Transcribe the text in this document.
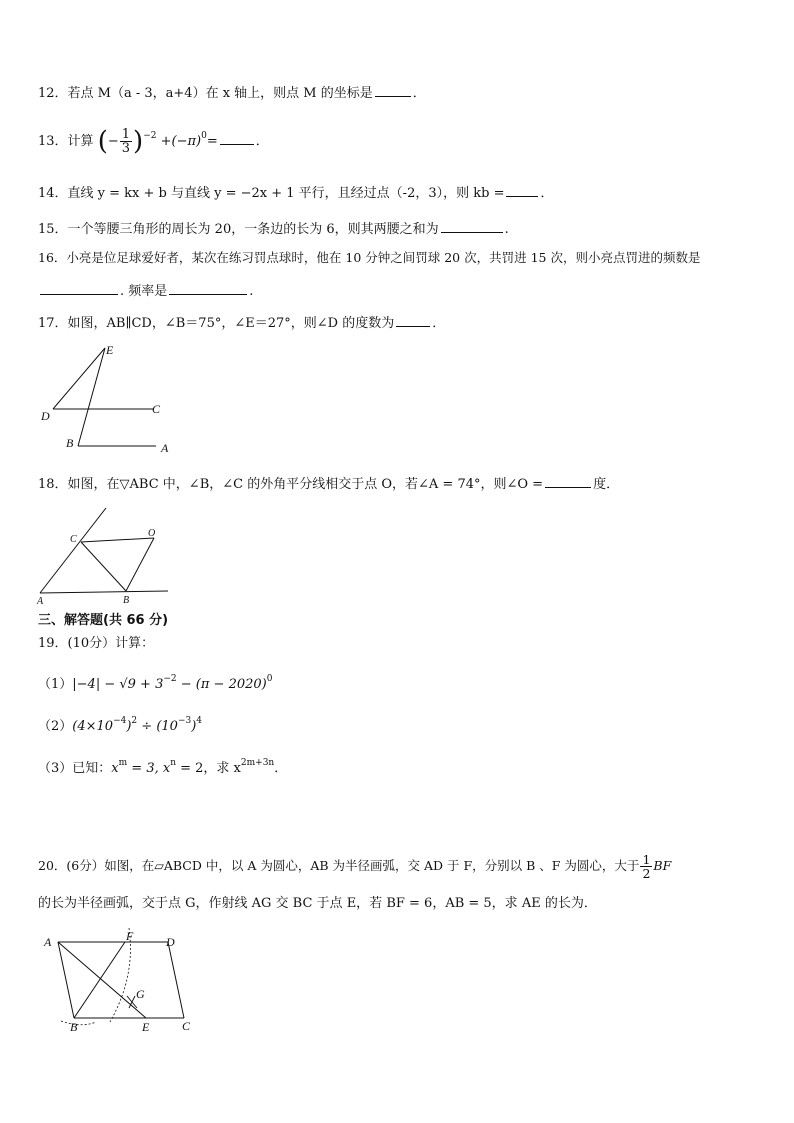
12．若点 M（a - 3，a+4）在 x 轴上，则点 M 的坐标是	．
13．计算 (− $\frac{1}{3} )^{-2} +(-\pi)^0=$	．
14．直线 y = kx + b 与直线 y = −2x + 1 平行，且经过点（-2，3），则 kb =	．
15．一个等腰三角形的周长为 20，一条边的长为 6，则其两腰之和为	.
16．小亮是位足球爱好者，某次在练习罚点球时，他在 10 分钟之间罚球 20 次，共罚进 15 次，则小亮点罚进的频数是
. 频率是	.
17．如图，AB∥CD，∠B＝75°，∠E＝27°，则∠D 的度数为	．
E
D	C
B	A
18．如图，在▽ABC 中，∠B，∠C 的外角平分线相交于点 O，若∠A = 74°，则∠O =	度．
C
O
A	B
三、解答题(共 66 分)
19．(10分）计算：
$(1)|-4| - √9 + 3^{-2} - (\pi - 2020)^0$
$(2)(4\times 10^{-4})^2 \div (10^{-3})^4$
（3）已知：$x^m = 3$, $x^n = 2$，求 $x^{2m+3n}$．
20．(6分）如图，在▱ABCD 中，以 A 为圆心，AB 为半径画弧，交 AD 于 F，分别以 B 、F 为圆心，大于 $\frac{1}{2}$ BF
的长为半径画弧，交于点 G，作射线 AG 交 BC 于点 E，若 BF = 6，AB = 5，求 AE 的长为．
A	F	D
G
B	E	C
